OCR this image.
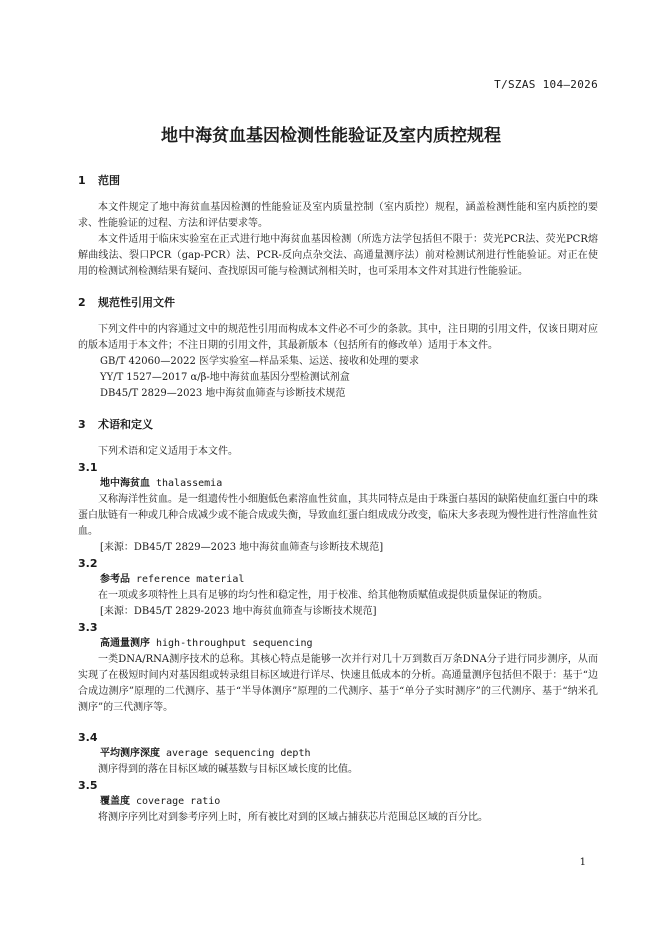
T/SZAS 104—2026
地中海贫血基因检测性能验证及室内质控规程

1 范围

本文件规定了地中海贫血基因检测的性能验证及室内质量控制（室内质控）规程，涵盖检测性能和室内质控的要求、性能验证的过程、方法和评估要求等。

本文件适用于临床实验室在正式进行地中海贫血基因检测（所选方法学包括但不限于：荧光PCR法、荧光PCR熔解曲线法、裂口PCR（gap-PCR）法、PCR-反向点杂交法、高通量测序法）前对检测试剂进行性能验证。对正在使用的检测试剂检测结果有疑问、查找原因可能与检测试剂相关时，也可采用本文件对其进行性能验证。

2 规范性引用文件

下列文件中的内容通过文中的规范性引用而构成本文件必不可少的条款。其中，注日期的引用文件，仅该日期对应的版本适用于本文件；不注日期的引用文件，其最新版本（包括所有的修改单）适用于本文件。

GB/T 42060—2022 医学实验室—样品采集、运送、接收和处理的要求

YY/T 1527—2017 α/β-地中海贫血基因分型检测试剂盒

DB45/T 2829—2023 地中海贫血筛查与诊断技术规范

3 术语和定义

下列术语和定义适用于本文件。

3.1

地中海贫血 thalassemia

又称海洋性贫血。是一组遗传性小细胞低色素溶血性贫血，其共同特点是由于珠蛋白基因的缺陷使血红蛋白中的珠蛋白肽链有一种或几种合成减少或不能合成或失衡，导致血红蛋白组成成分改变，临床大多表现为慢性进行性溶血性贫血。

[来源：DB45/T 2829—2023 地中海贫血筛查与诊断技术规范]

3.2

参考品 reference material

在一项或多项特性上具有足够的均匀性和稳定性，用于校准、给其他物质赋值或提供质量保证的物质。

[来源：DB45/T 2829-2023 地中海贫血筛查与诊断技术规范]

3.3

高通量测序 high-throughput sequencing

一类DNA/RNA测序技术的总称。其核心特点是能够一次并行对几十万到数百万条DNA分子进行同步测序，从而实现了在极短时间内对基因组或转录组目标区域进行详尽、快速且低成本的分析。高通量测序包括但不限于：基于“边合成边测序”原理的二代测序、基于“半导体测序”原理的二代测序、基于“单分子实时测序”的三代测序、基于“纳米孔测序”的三代测序等。

3.4

平均测序深度 average sequencing depth

测序得到的落在目标区域的碱基数与目标区域长度的比值。

3.5

覆盖度 coverage ratio

将测序序列比对到参考序列上时，所有被比对到的区域占捕获芯片范围总区域的百分比。

1
